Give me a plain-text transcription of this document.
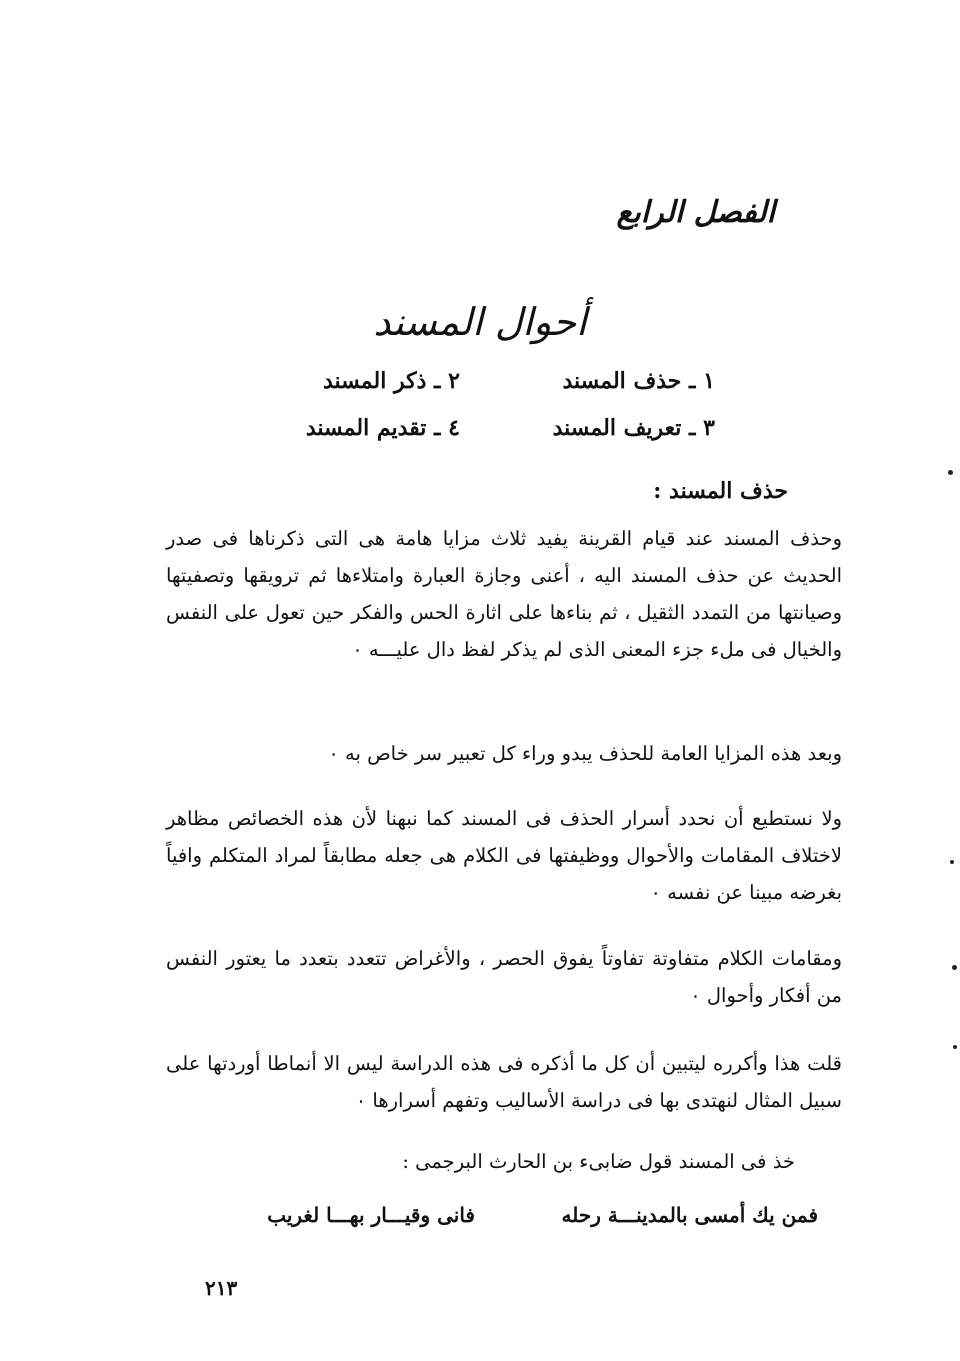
الفصل الرابع
أحوال المسند
١ ـ حذف المسند
٢ ـ ذكر المسند
٣ ـ تعريف المسند
٤ ـ تقديم المسند
حذف المسند :

وحذف المسند عند قيام القرينة يفيد ثلاث مزايا هامة هى التى ذكرناها فى صدر الحديث عن حذف المسند اليه ، أعنى وجازة العبارة وامتلاءها ثم ترويقها وتصفيتها وصيانتها من التمدد الثقيل ، ثم بناءها على اثارة الحس والفكر حين تعول على النفس والخيال فى ملء جزء المعنى الذى لم يذكر لفظ دال عليـــه ٠

وبعد هذه المزايا العامة للحذف يبدو وراء كل تعبير سر خاص به ٠

ولا نستطيع أن نحدد أسرار الحذف فى المسند كما نبهنا لأن هذه الخصائص مظاهر لاختلاف المقامات والأحوال ووظيفتها فى الكلام هى جعله مطابقاً لمراد المتكلم وافياً بغرضه مبينا عن نفسه ٠

ومقامات الكلام متفاوتة تفاوتاً يفوق الحصر ، والأغراض تتعدد بتعدد ما يعتور النفس من أفكار وأحوال ٠

قلت هذا وأكرره ليتبين أن كل ما أذكره فى هذه الدراسة ليس الا أنماطا أوردتها على سبيل المثال لنهتدى بها فى دراسة الأساليب وتفهم أسرارها ٠

خذ فى المسند قول ضابىء بن الحارث البرجمى :
فمن يك أمسى بالمدينـــة رحله
فانى وقيـــار بهـــا لغريب
٢١٣
